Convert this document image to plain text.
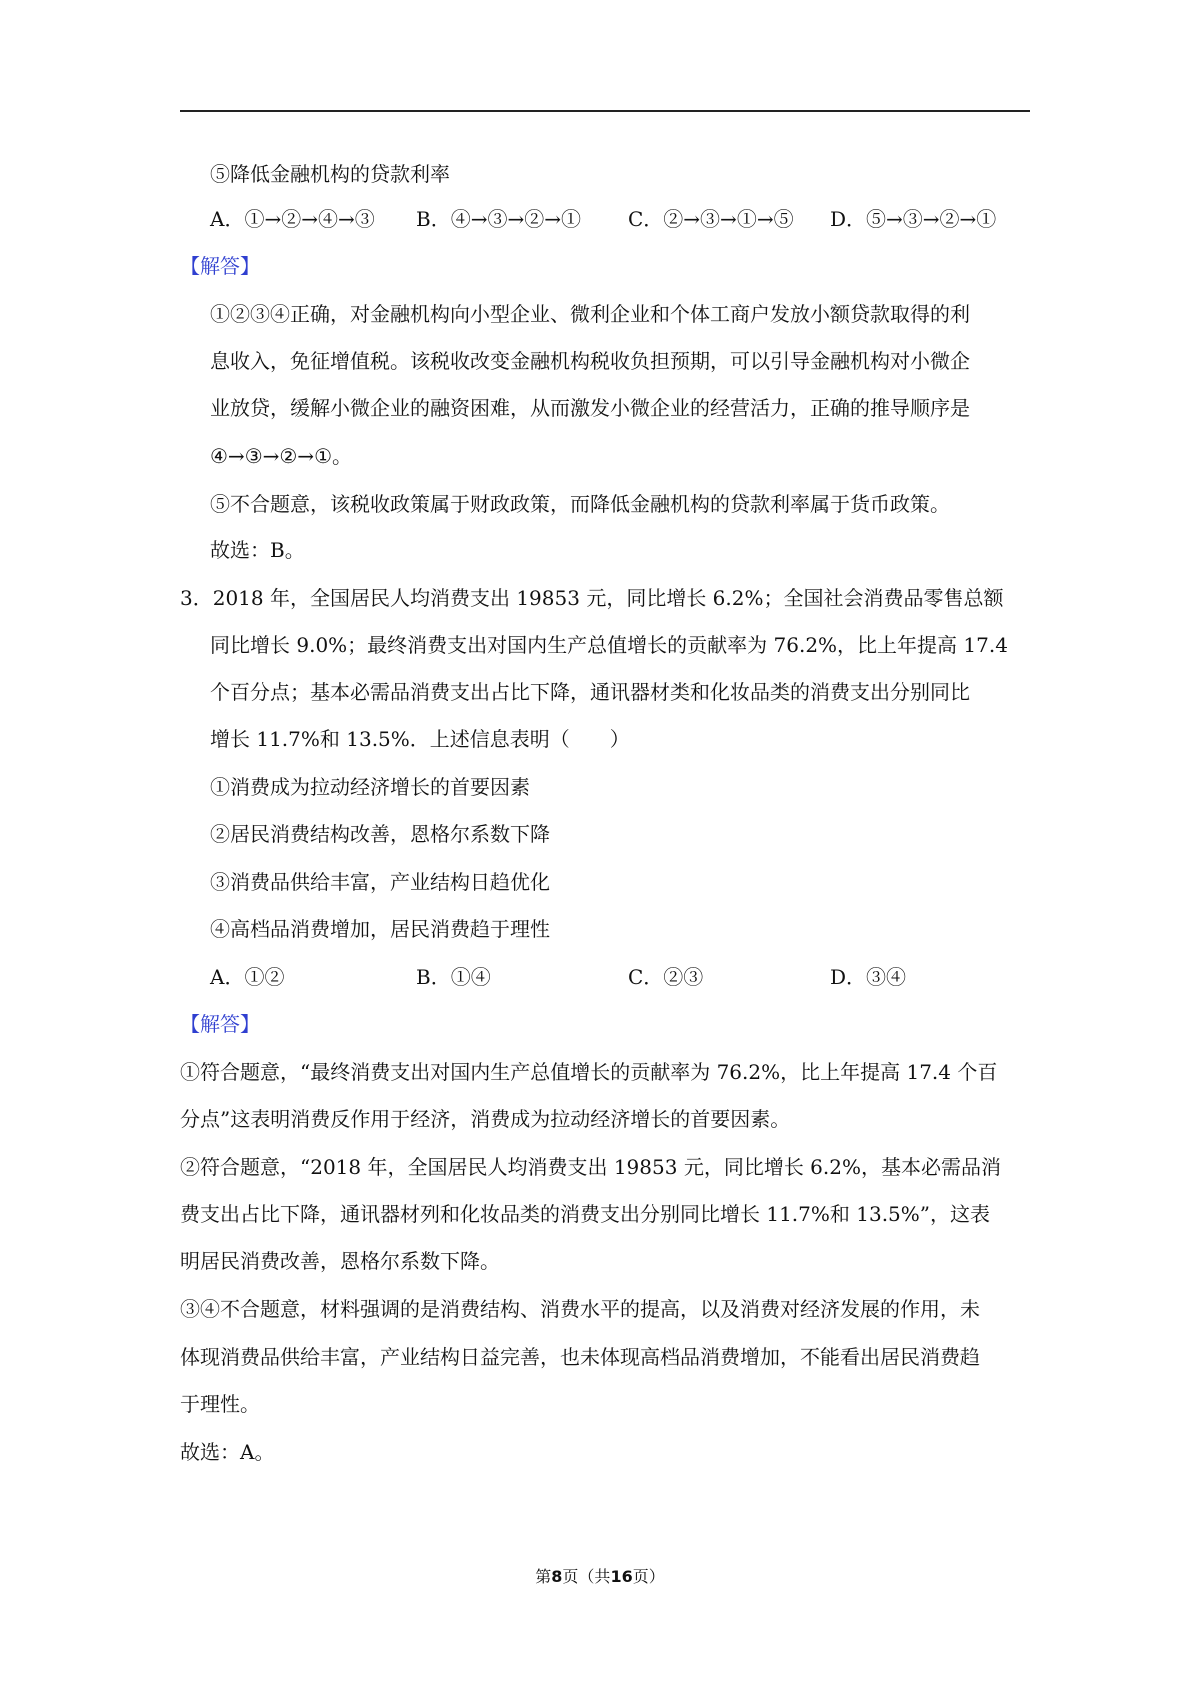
⑤降低金融机构的贷款利率
A．①→②→④→③ B．④→③→②→① C．②→③→①→⑤ D．⑤→③→②→①
【解答】
①②③④正确，对金融机构向小型企业、微利企业和个体工商户发放小额贷款取得的利
息收入，免征增值税。该税收改变金融机构税收负担预期，可以引导金融机构对小微企
业放贷，缓解小微企业的融资困难，从而激发小微企业的经营活力，正确的推导顺序是
④→③→②→①。
⑤不合题意，该税收政策属于财政政策，而降低金融机构的贷款利率属于货币政策。
故选：B。
3．2018 年，全国居民人均消费支出 19853 元，同比增长 6.2%；全国社会消费品零售总额
同比增长 9.0%；最终消费支出对国内生产总值增长的贡献率为 76.2%，比上年提高 17.4
个百分点；基本必需品消费支出占比下降，通讯器材类和化妆品类的消费支出分别同比
增长 11.7%和 13.5%．上述信息表明（　　）
①消费成为拉动经济增长的首要因素
②居民消费结构改善，恩格尔系数下降
③消费品供给丰富，产业结构日趋优化
④高档品消费增加，居民消费趋于理性
A．①②	B．①④	C．②③	D．③④
【解答】
①符合题意，“最终消费支出对国内生产总值增长的贡献率为 76.2%，比上年提高 17.4 个百
分点”这表明消费反作用于经济，消费成为拉动经济增长的首要因素。
②符合题意，“2018 年，全国居民人均消费支出 19853 元，同比增长 6.2%，基本必需品消
费支出占比下降，通讯器材列和化妆品类的消费支出分别同比增长 11.7%和 13.5%”，这表
明居民消费改善，恩格尔系数下降。
③④不合题意，材料强调的是消费结构、消费水平的提高，以及消费对经济发展的作用，未
体现消费品供给丰富，产业结构日益完善，也未体现高档品消费增加，不能看出居民消费趋
于理性。
故选：A。
第8页（共16页）
